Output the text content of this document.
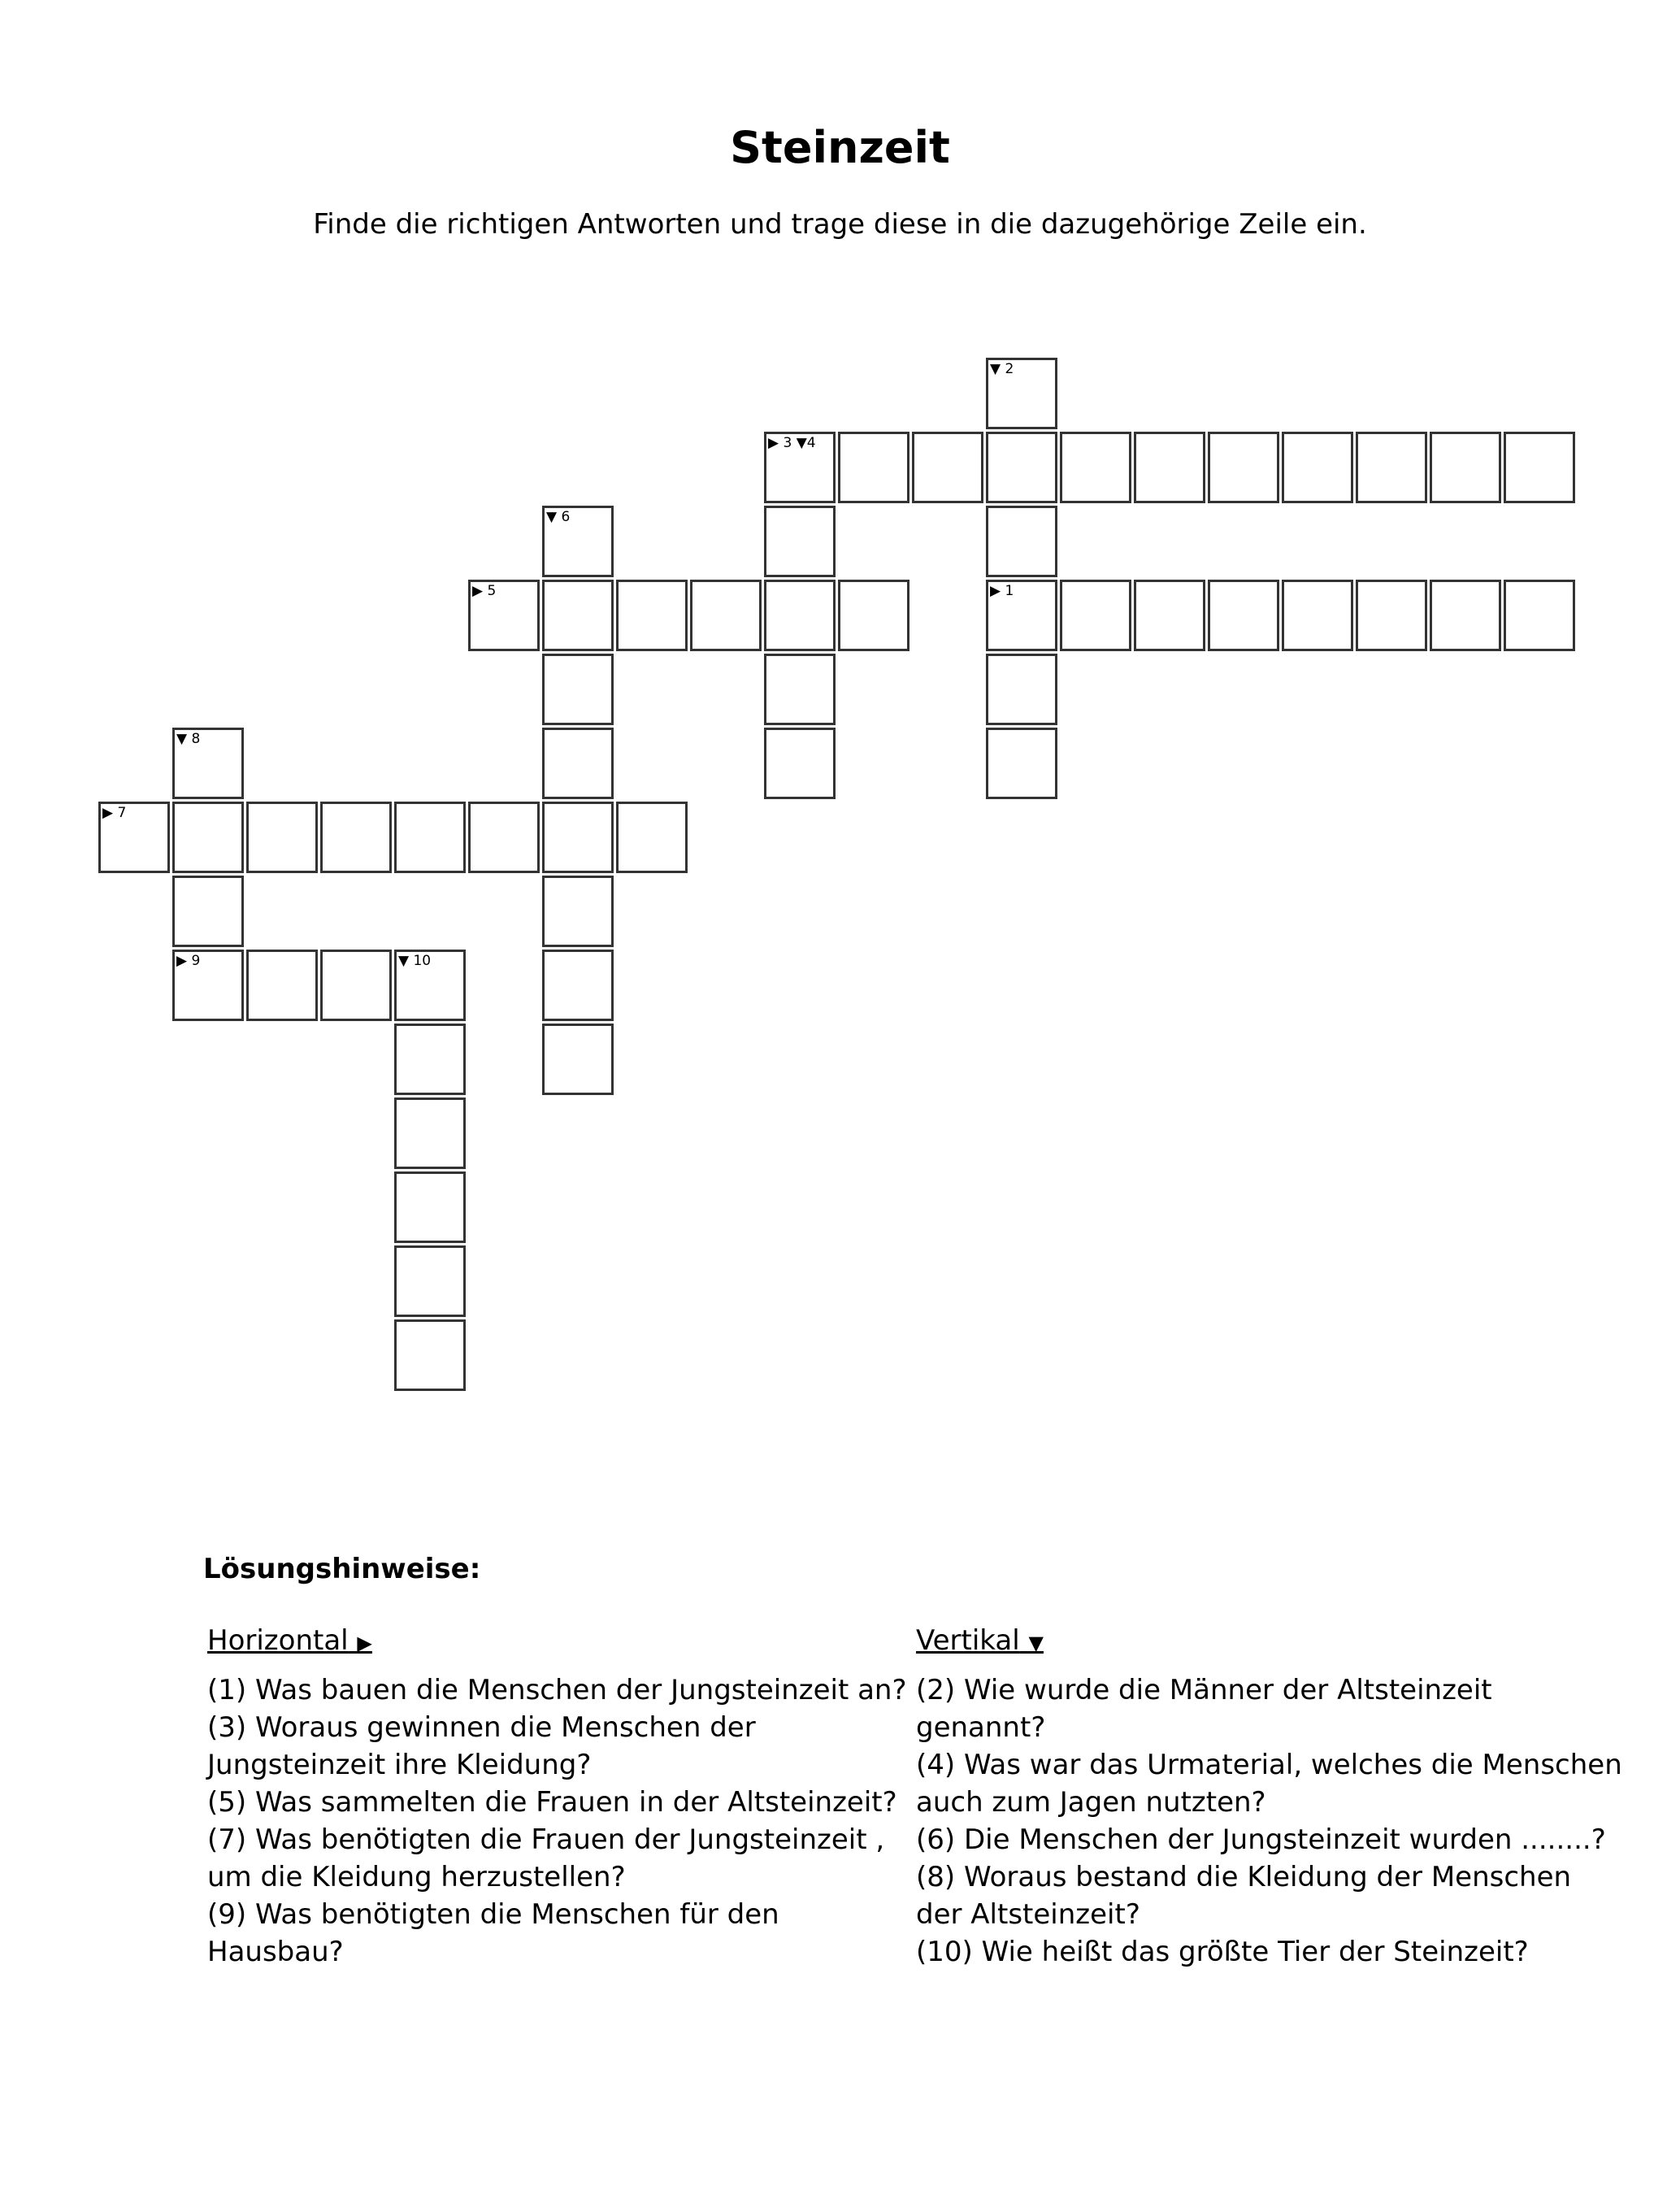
Steinzeit
Finde die richtigen Antworten und trage diese in die dazugehörige Zeile ein.
▼ 2
▶ 3 ▼4
▼ 6
▶ 5	▶ 1
▼ 8
▶ 7
▶ 9	▼ 10
Lösungshinweise:
Horizontal ▶

(1) Was bauen die Menschen der Jungsteinzeit an?

(3) Woraus gewinnen die Menschen der Jungsteinzeit ihre Kleidung?

(5) Was sammelten die Frauen in der Altsteinzeit?

(7) Was benötigten die Frauen der Jungsteinzeit , um die Kleidung herzustellen?

(9) Was benötigten die Menschen für den Hausbau?

Vertikal ▼

(2) Wie wurde die Männer der Altsteinzeit genannt?

(4) Was war das Urmaterial, welches die Menschen auch zum Jagen nutzten?

(6) Die Menschen der Jungsteinzeit wurden ........?

(8) Woraus bestand die Kleidung der Menschen der Altsteinzeit?

(10) Wie heißt das größte Tier der Steinzeit?
